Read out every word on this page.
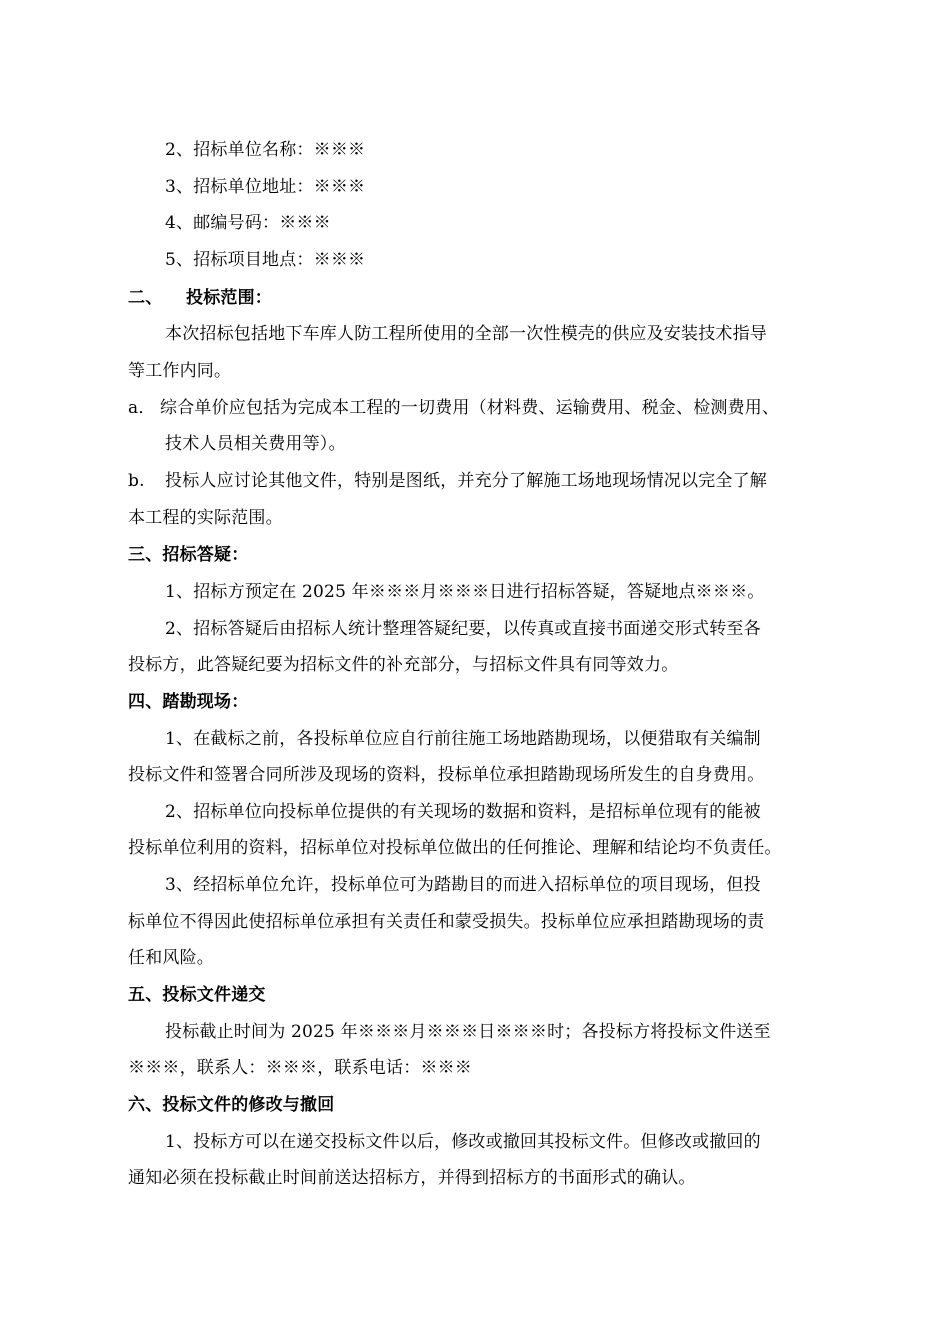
2、招标单位名称：※※※
3、招标单位地址：※※※
4、邮编号码：※※※
5、招标项目地点：※※※
二、 投标范围：
本次招标包括地下车库人防工程所使用的全部一次性模壳的供应及安装技术指导
等工作内同。
a． 综合单价应包括为完成本工程的一切费用（材料费、运输费用、税金、检测费用、
技术人员相关费用等）。
b. 投标人应讨论其他文件，特别是图纸，并充分了解施工场地现场情况以完全了解
本工程的实际范围。
三、招标答疑：
1、招标方预定在 2025 年※※※月※※※日进行招标答疑，答疑地点※※※。
2、招标答疑后由招标人统计整理答疑纪要，以传真或直接书面递交形式转至各
投标方，此答疑纪要为招标文件的补充部分，与招标文件具有同等效力。
四、踏勘现场：
1、在截标之前，各投标单位应自行前往施工场地踏勘现场，以便猎取有关编制
投标文件和签署合同所涉及现场的资料，投标单位承担踏勘现场所发生的自身费用。
2、招标单位向投标单位提供的有关现场的数据和资料，是招标单位现有的能被
投标单位利用的资料，招标单位对投标单位做出的任何推论、理解和结论均不负责任。
3、经招标单位允许，投标单位可为踏勘目的而进入招标单位的项目现场，但投
标单位不得因此使招标单位承担有关责任和蒙受损失。投标单位应承担踏勘现场的责
任和风险。
五、投标文件递交
投标截止时间为 2025 年※※※月※※※日※※※时；各投标方将投标文件送至
※※※，联系人：※※※，联系电话：※※※
六、投标文件的修改与撤回
1、投标方可以在递交投标文件以后，修改或撤回其投标文件。但修改或撤回的
通知必须在投标截止时间前送达招标方，并得到招标方的书面形式的确认。
